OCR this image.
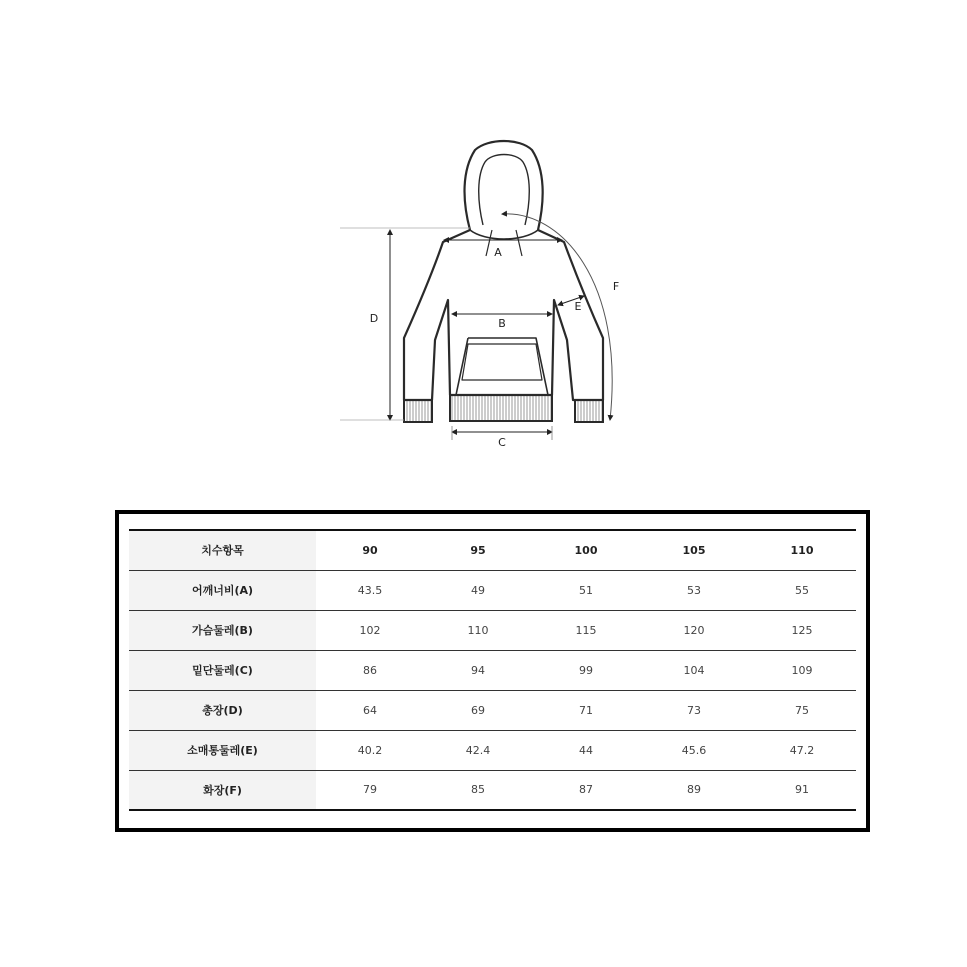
A
B
C
D
E
F
치수항목	90	95	100	105	110
어깨너비(A)	43.5	49	51	53	55
가슴둘레(B)	102	110	115	120	125
밑단둘레(C)	86	94	99	104	109
총장(D)	64	69	71	73	75
소매통둘레(E)	40.2	42.4	44	45.6	47.2
화장(F)	79	85	87	89	91
